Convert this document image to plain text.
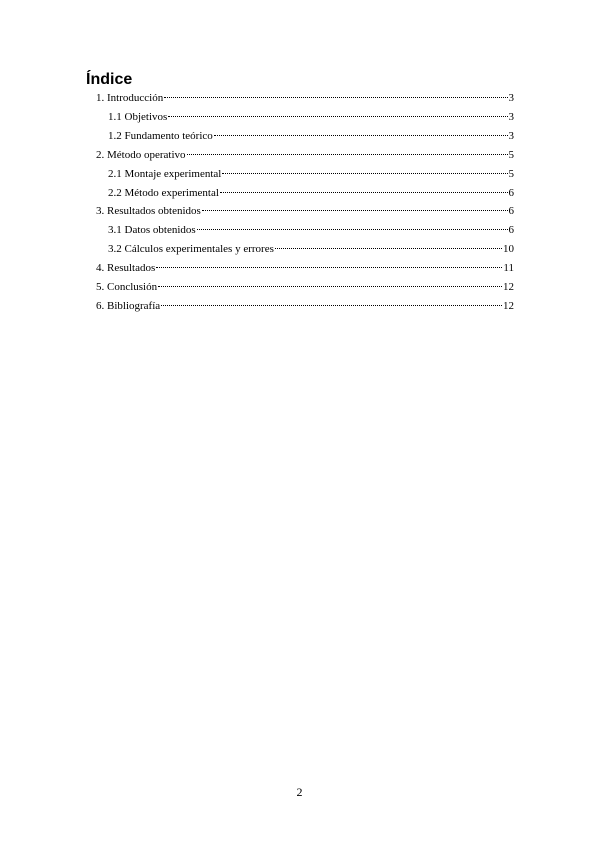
Índice
1. Introducción	3
1.1 Objetivos	3
1.2 Fundamento teórico	3
2. Método operativo	5
2.1 Montaje experimental	5
2.2 Método experimental	6
3. Resultados obtenidos	6
3.1 Datos obtenidos	6
3.2 Cálculos experimentales y errores	10
4. Resultados	11
5. Conclusión	12
6. Bibliografía	12
2
